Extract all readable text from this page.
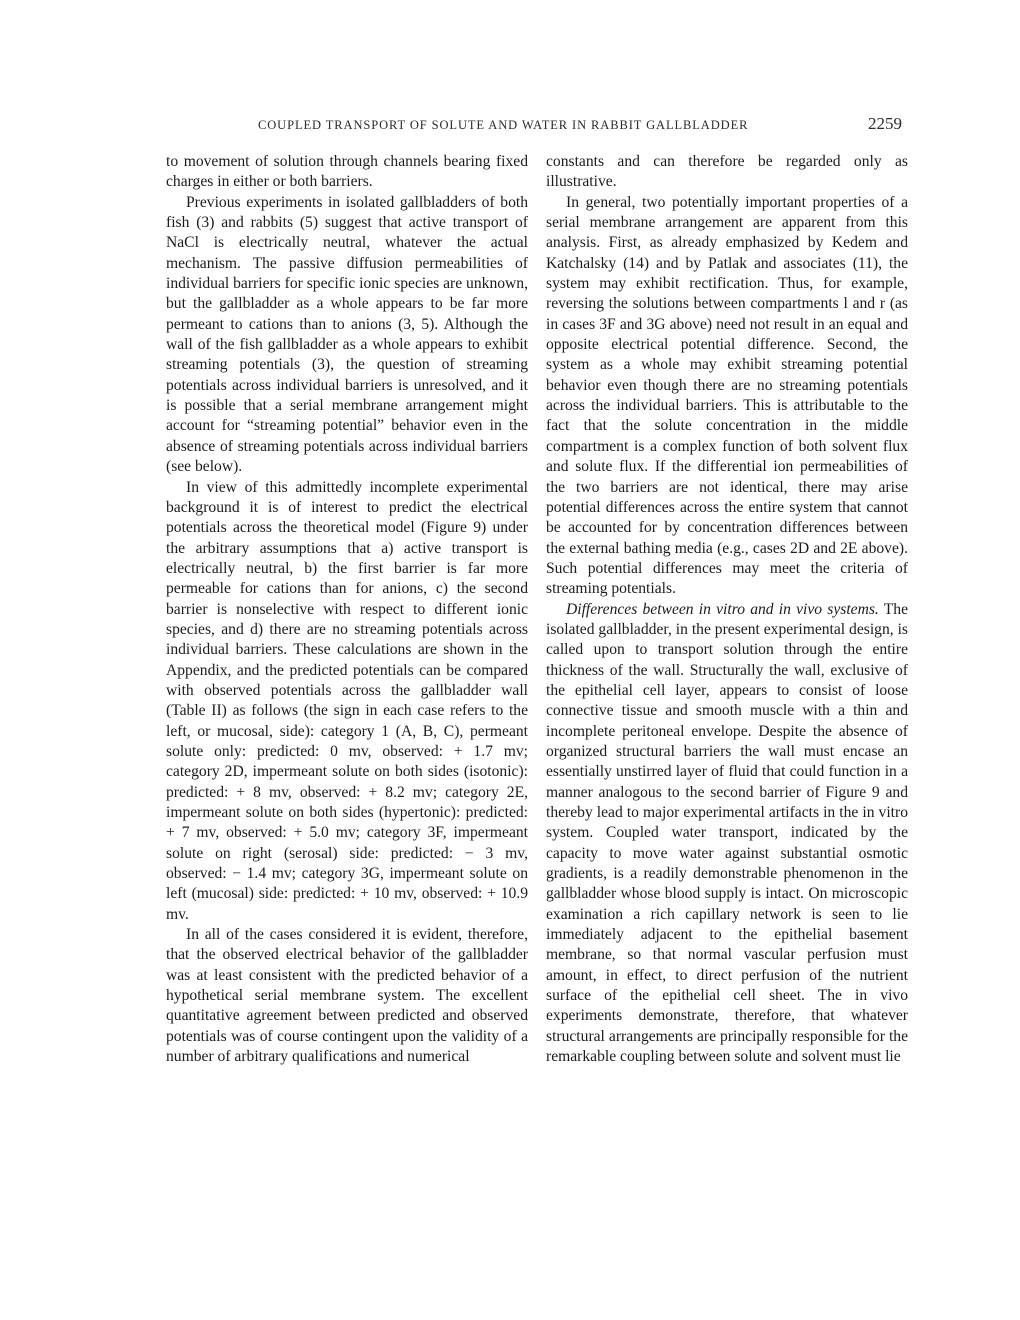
COUPLED TRANSPORT OF SOLUTE AND WATER IN RABBIT GALLBLADDER	2259

to movement of solution through channels bearing fixed charges in either or both barriers.

Previous experiments in isolated gallbladders of both fish (3) and rabbits (5) suggest that active transport of NaCl is electrically neutral, whatever the actual mechanism. The passive diffusion permeabilities of individual barriers for specific ionic species are unknown, but the gallbladder as a whole appears to be far more permeant to cations than to anions (3, 5). Although the wall of the fish gallbladder as a whole appears to exhibit streaming potentials (3), the question of streaming potentials across individual barriers is unresolved, and it is possible that a serial membrane arrangement might account for “streaming potential” behavior even in the absence of streaming potentials across individual barriers (see below).

In view of this admittedly incomplete experimental background it is of interest to predict the electrical potentials across the theoretical model (Figure 9) under the arbitrary assumptions that a) active transport is electrically neutral, b) the first barrier is far more permeable for cations than for anions, c) the second barrier is nonselective with respect to different ionic species, and d) there are no streaming potentials across individual barriers. These calculations are shown in the Appendix, and the predicted potentials can be compared with observed potentials across the gallbladder wall (Table II) as follows (the sign in each case refers to the left, or mucosal, side): category 1 (A, B, C), permeant solute only: predicted: 0 mv, observed: + 1.7 mv; category 2D, impermeant solute on both sides (isotonic): predicted: + 8 mv, observed: + 8.2 mv; category 2E, impermeant solute on both sides (hypertonic): predicted: + 7 mv, observed: + 5.0 mv; category 3F, impermeant solute on right (serosal) side: predicted: − 3 mv, observed: − 1.4 mv; category 3G, impermeant solute on left (mucosal) side: predicted: + 10 mv, observed: + 10.9 mv.

In all of the cases considered it is evident, therefore, that the observed electrical behavior of the gallbladder was at least consistent with the predicted behavior of a hypothetical serial membrane system. The excellent quantitative agreement between predicted and observed potentials was of course contingent upon the validity of a number of arbitrary qualifications and numerical

constants and can therefore be regarded only as illustrative.

In general, two potentially important properties of a serial membrane arrangement are apparent from this analysis. First, as already emphasized by Kedem and Katchalsky (14) and by Patlak and associates (11), the system may exhibit rectification. Thus, for example, reversing the solutions between compartments l and r (as in cases 3F and 3G above) need not result in an equal and opposite electrical potential difference. Second, the system as a whole may exhibit streaming potential behavior even though there are no streaming potentials across the individual barriers. This is attributable to the fact that the solute concentration in the middle compartment is a complex function of both solvent flux and solute flux. If the differential ion permeabilities of the two barriers are not identical, there may arise potential differences across the entire system that cannot be accounted for by concentration differences between the external bathing media (e.g., cases 2D and 2E above). Such potential differences may meet the criteria of streaming potentials.

Differences between in vitro and in vivo systems. The isolated gallbladder, in the present experimental design, is called upon to transport solution through the entire thickness of the wall. Structurally the wall, exclusive of the epithelial cell layer, appears to consist of loose connective tissue and smooth muscle with a thin and incomplete peritoneal envelope. Despite the absence of organized structural barriers the wall must encase an essentially unstirred layer of fluid that could function in a manner analogous to the second barrier of Figure 9 and thereby lead to major experimental artifacts in the in vitro system. Coupled water transport, indicated by the capacity to move water against substantial osmotic gradients, is a readily demonstrable phenomenon in the gallbladder whose blood supply is intact. On microscopic examination a rich capillary network is seen to lie immediately adjacent to the epithelial basement membrane, so that normal vascular perfusion must amount, in effect, to direct perfusion of the nutrient surface of the epithelial cell sheet. The in vivo experiments demonstrate, therefore, that whatever structural arrangements are principally responsible for the remarkable coupling between solute and solvent must lie
